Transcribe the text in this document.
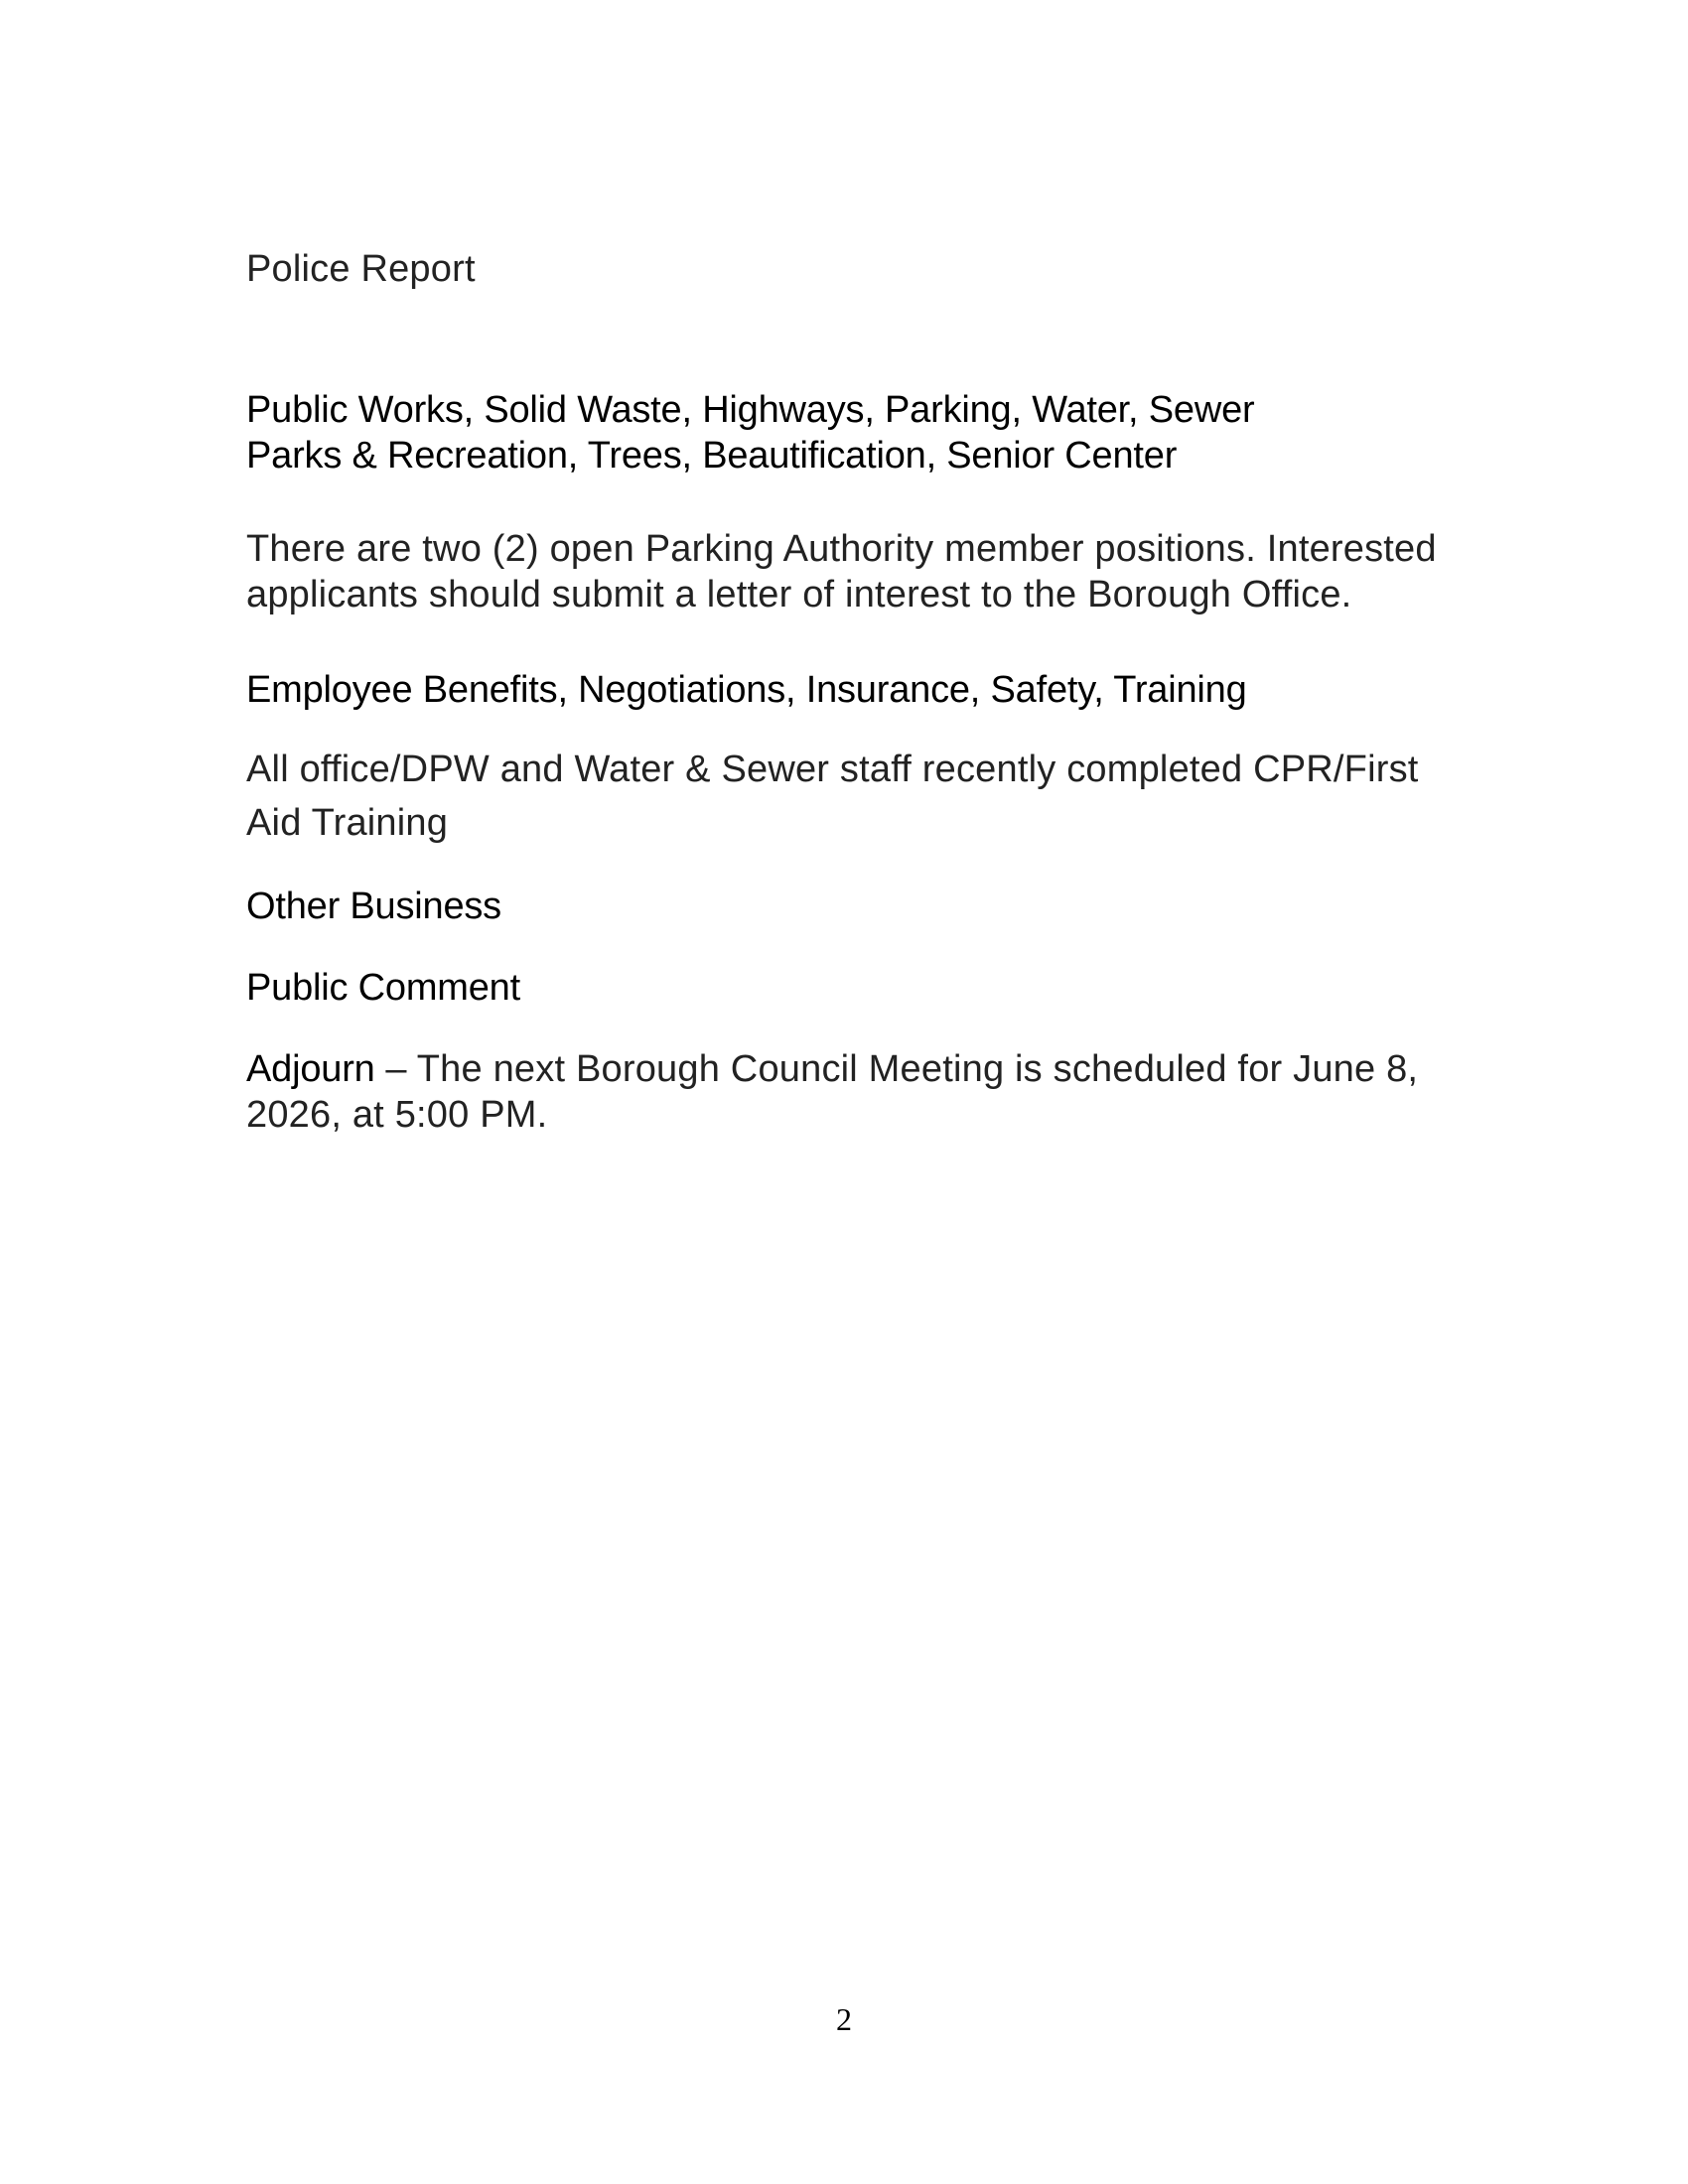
Police Report
Public Works, Solid Waste, Highways, Parking, Water, Sewer
Parks & Recreation, Trees, Beautification, Senior Center
There are two (2) open Parking Authority member positions. Interested
applicants should submit a letter of interest to the Borough Office.
Employee Benefits, Negotiations, Insurance, Safety, Training
All office/DPW and Water & Sewer staff recently completed CPR/First
Aid Training
Other Business
Public Comment
Adjourn – The next Borough Council Meeting is scheduled for June 8,
2026, at 5:00 PM.
2
